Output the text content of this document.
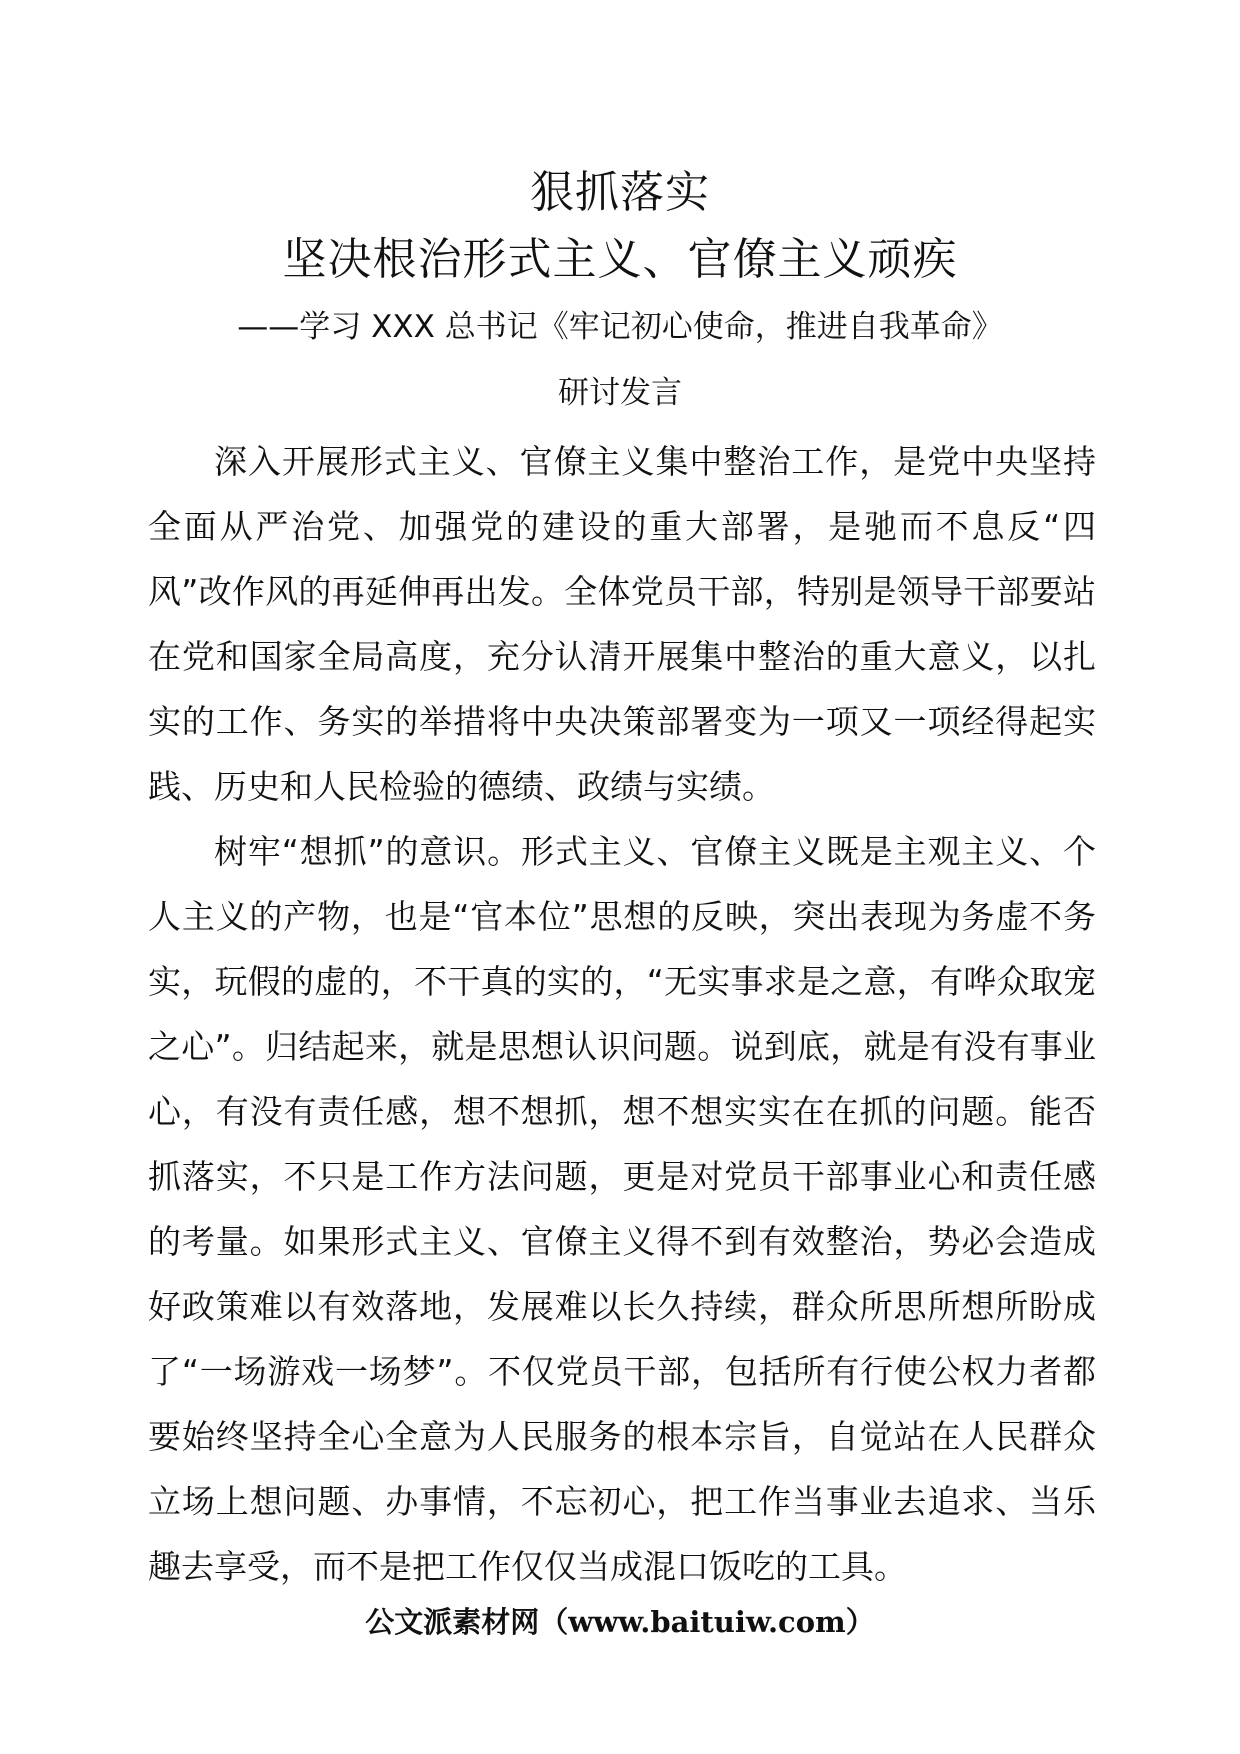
狠抓落实
坚决根治形式主义、官僚主义顽疾
——学习 XXX 总书记《牢记初心使命，推进自我革命》
研讨发言

深入开展形式主义、官僚主义集中整治工作，是党中央坚持全面从严治党、加强党的建设的重大部署，是驰而不息反“四风”改作风的再延伸再出发。全体党员干部，特别是领导干部要站在党和国家全局高度，充分认清开展集中整治的重大意义，以扎实的工作、务实的举措将中央决策部署变为一项又一项经得起实践、历史和人民检验的德绩、政绩与实绩。

树牢“想抓”的意识。形式主义、官僚主义既是主观主义、个人主义的产物，也是“官本位”思想的反映，突出表现为务虚不务实，玩假的虚的，不干真的实的，“无实事求是之意，有哗众取宠之心”。归结起来，就是思想认识问题。说到底，就是有没有事业心，有没有责任感，想不想抓，想不想实实在在抓的问题。能否抓落实，不只是工作方法问题，更是对党员干部事业心和责任感的考量。如果形式主义、官僚主义得不到有效整治，势必会造成好政策难以有效落地，发展难以长久持续，群众所思所想所盼成了“一场游戏一场梦”。不仅党员干部，包括所有行使公权力者都要始终坚持全心全意为人民服务的根本宗旨，自觉站在人民群众立场上想问题、办事情，不忘初心，把工作当事业去追求、当乐趣去享受，而不是把工作仅仅当成混口饭吃的工具。

公文派素材网（www.baituiw.com）
